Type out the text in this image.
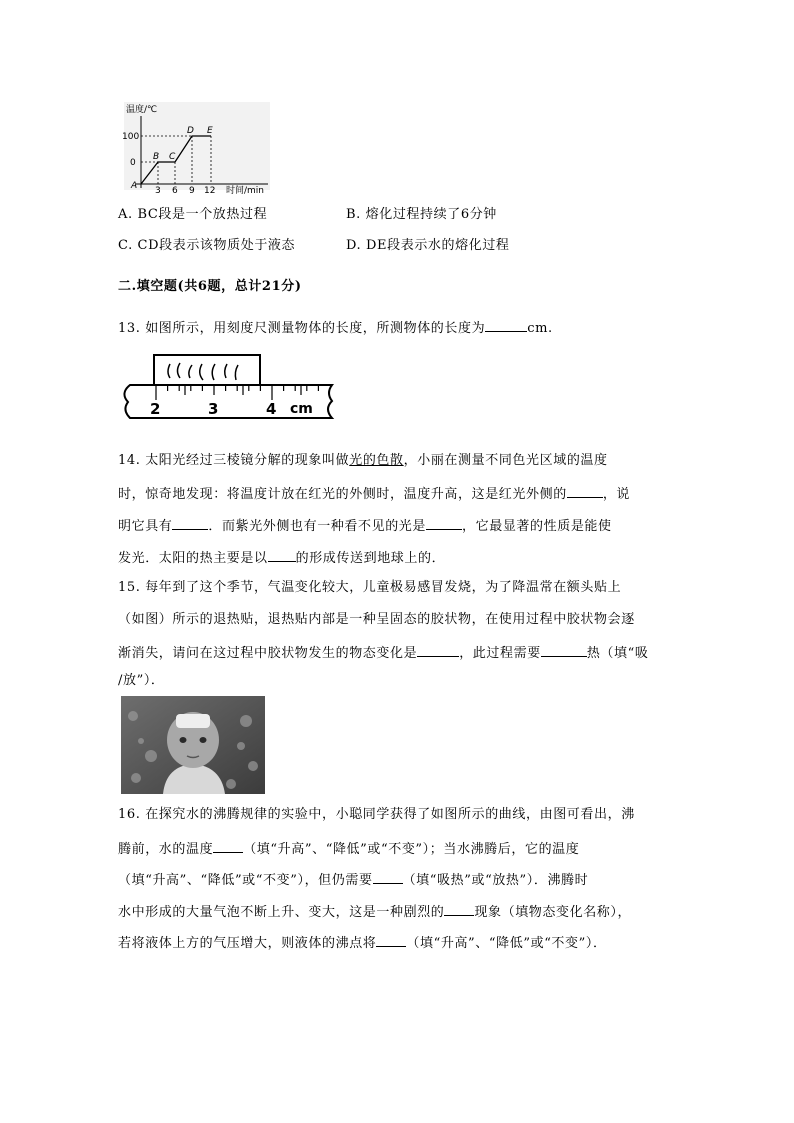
温度/℃
100
0
A
B C
D E
3 6 9 12 时间/min
A. BC段是一个放热过程	B. 熔化过程持续了6分钟
C. CD段表示该物质处于液态	D. DE段表示水的熔化过程
二.填空题(共6题，总计21分)
13. 如图所示，用刻度尺测量物体的长度，所测物体的长度为	cm.
2	3	4 cm
14. 太阳光经过三棱镜分解的现象叫做光的色散，小丽在测量不同色光区域的温度
时，惊奇地发现：将温度计放在红光的外侧时，温度升高，这是红光外侧的	，说
明它具有	．而紫光外侧也有一种看不见的光是	，它最显著的性质是能使
发光．太阳的热主要是以 的形成传送到地球上的．
15. 每年到了这个季节，气温变化较大，儿童极易感冒发烧，为了降温常在额头贴上
（如图）所示的退热贴，退热贴内部是一种呈固态的胶状物，在使用过程中胶状物会逐
渐消失，请问在这过程中胶状物发生的物态变化是	，此过程需要	热（填“吸
/放”）．
16. 在探究水的沸腾规律的实验中，小聪同学获得了如图所示的曲线，由图可看出，沸
腾前，水的温度 （填“升高”、“降低”或“不变”）；当水沸腾后，它的温度
（填“升高”、“降低”或“不变”），但仍需要 （填“吸热”或“放热”）．沸腾时
水中形成的大量气泡不断上升、变大，这是一种剧烈的 现象（填物态变化名称），
若将液体上方的气压增大，则液体的沸点将 （填“升高”、“降低”或“不变”）．
